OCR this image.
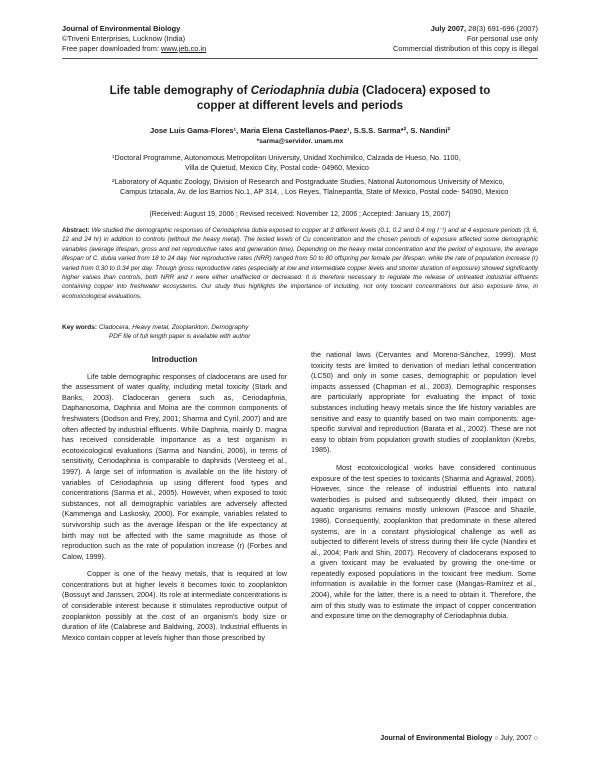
Journal of Environmental Biology
©Triveni Enterprises, Lucknow (India)
Free paper downloaded from: www.jeb.co.in
July 2007, 28(3) 691-696 (2007)
For personal use only
Commercial distribution of this copy is illegal
Life table demography of Ceriodaphnia dubia (Cladocera) exposed to
copper at different levels and periods
Jose Luis Gama-Flores¹, Maria Elena Castellanos-Paez¹, S.S.S. Sarma*², S. Nandini²
*sarma@servidor. unam.mx
¹Doctoral Programme, Autonomous Metropolitan University, Unidad Xochimilco, Calzada de Hueso, No. 1100,
Villa de Quietud, Mexico City, Postal code- 04960, Mexico
²Laboratory of Aquatic Zoology, Division of Research and Postgraduate Studies, National Autonomous University of Mexico,
Campus Iztacala, Av. de los Barrios No.1, AP 314, , Los Reyes, Tlalnepantla, State of Mexico, Postal code- 54090, Mexico
(Received: August 19, 2006 ; Revised received: November 12, 2006 ; Accepted: January 15, 2007)
Abstract: We studied the demographic responses of Ceriodaphnia dubia exposed to copper at 3 different levels (0.1, 0.2 and 0.4 mg l⁻¹) and at 4 exposure periods (3, 6, 12 and 24 hr) in addition to controls (without the heavy metal). The tested levels of Cu concentration and the chosen periods of exposure affected some demographic variables (average lifespan, gross and net reproductive rates and generation time). Depending on the heavy metal concentration and the period of exposure, the average lifespan of C. dubia varied from 18 to 24 day. Net reproductive rates (NRR) ranged from 50 to 80 offspring per female per lifespan, while the rate of population increase (r) varied from 0.30 to 0.34 per day. Though gross reproductive rates (especially at low and intermediate copper levels and shorter duration of exposure) showed significantly higher values than controls, both NRR and r were either unaffected or decreased. It is therefore necessary to regulate the release of untreated industrial effluents containing copper into freshwater ecosystems. Our study thus highlights the importance of including, not only toxicant concentrations but also exposure time, in ecotoxicological evaluations.
Key words: Cladocera, Heavy metal, Zooplankton, Demography
PDF file of full length paper is available with author
Introduction

Life table demographic responses of cladocerans are used for the assessment of water quality, including metal toxicity (Stark and Banks, 2003). Cladoceran genera such as, Ceriodaphnia, Daphanosoma, Daphnia and Moina are the common components of freshwaters (Dodson and Frey, 2001; Sharma and Cyril, 2007) and are often affected by industrial effluents. While Daphnia, mainly D. magna has received considerable importance as a test organism in ecotoxicological evaluations (Sarma and Nandini, 2006), in terms of sensitivity, Ceriodaphnia is comparable to daphnids (Versteeg et al., 1997). A large set of information is available on the life history of variables of Ceriodaphnia up using different food types and concentrations (Sarma et al., 2005). However, when exposed to toxic substances, not all demographic variables are adversely affected (Kammenga and Laskosky, 2000). For example, variables related to survivorship such as the average lifespan or the life expectancy at birth may not be affected with the same magnitude as those of reproduction such as the rate of population increase (r) (Forbes and Calow, 1999).

Copper is one of the heavy metals, that is required at low concentrations but at higher levels it becomes toxic to zooplankton (Bossuyt and Janssen, 2004). Its role at intermediate concentrations is of considerable interest because it stimulates reproductive output of zooplankton possibly at the cost of an organism's body size or duration of life (Calabrese and Baldwing, 2003). Industrial effluents in Mexico contain copper at levels higher than those prescribed by

the national laws (Cervantes and Moreno-Sánchez, 1999). Most toxicity tests are limited to derivation of median lethal concentration (LC50) and only in some cases, demographic or population level impacts assessed (Chapman et al., 2003). Demographic responses are particularly appropriate for evaluating the impact of toxic substances including heavy metals since the life history variables are sensitive and easy to quantify based on two main components: age-specific survival and reproduction (Barata et al., 2002). These are not easy to obtain from population growth studies of zooplankton (Krebs, 1985).

Most ecotoxicological works have considered continuous exposure of the test species to toxicants (Sharma and Agrawal, 2005). However, since the release of industrial effluents into natural waterbodies is pulsed and subsequently diluted, their impact on aquatic organisms remains mostly unknown (Pascoe and Shazile, 1986). Consequently, zooplankton that predominate in these altered systems, are in a constant physiological challenge as well as subjected to different levels of stress during their life cycle (Nandini et al., 2004; Park and Shin, 2007). Recovery of cladocerans exposed to a given toxicant may be evaluated by growing the one-time or repeatedly exposed populations in the toxicant free medium. Some information is available in the former case (Mangas-Ramírez et al., 2004), while for the latter, there is a need to obtain it. Therefore, the aim of this study was to estimate the impact of copper concentration and exposure time on the demography of Ceriodaphnia dubia.

Journal of Environmental Biology ○ July, 2007 ○
